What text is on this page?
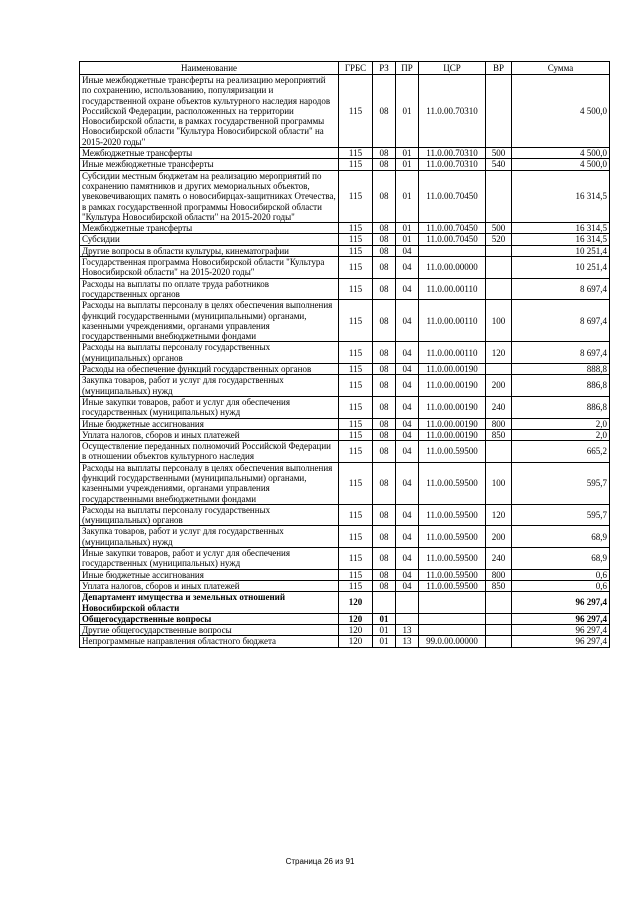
Наименование	ГРБС	РЗ	ПР	ЦСР	ВР	Сумма
Иные межбюджетные трансферты на реализацию мероприятий по сохранению, использованию, популяризации и государственной охране объектов культурного наследия народов Российской Федерации, расположенных на территории Новосибирской области, в рамках государственной программы Новосибирской области "Культура Новосибирской области" на 2015-2020 годы"	115	08	01	11.0.00.70310		4 500,0
Межбюджетные трансферты	115	08	01	11.0.00.70310	500	4 500,0
Иные межбюджетные трансферты	115	08	01	11.0.00.70310	540	4 500,0
Субсидии местным бюджетам на реализацию мероприятий по сохранению памятников и других мемориальных объектов, увековечивающих память о новосибирцах-защитниках Отечества, в рамках государственной программы Новосибирской области "Культура Новосибирской области" на 2015-2020 годы"	115	08	01	11.0.00.70450		16 314,5
Межбюджетные трансферты	115	08	01	11.0.00.70450	500	16 314,5
Субсидии	115	08	01	11.0.00.70450	520	16 314,5
Другие вопросы в области культуры, кинематографии	115	08	04			10 251,4
Государственная программа Новосибирской области "Культура Новосибирской области" на 2015-2020 годы"	115	08	04	11.0.00.00000		10 251,4
Расходы на выплаты по оплате труда работников государственных органов	115	08	04	11.0.00.00110		8 697,4
Расходы на выплаты персоналу в целях обеспечения выполнения функций государственными (муниципальными) органами, казенными учреждениями, органами управления государственными внебюджетными фондами	115	08	04	11.0.00.00110	100	8 697,4
Расходы на выплаты персоналу государственных (муниципальных) органов	115	08	04	11.0.00.00110	120	8 697,4
Расходы на обеспечение функций государственных органов	115	08	04	11.0.00.00190		888,8
Закупка товаров, работ и услуг для государственных (муниципальных) нужд	115	08	04	11.0.00.00190	200	886,8
Иные закупки товаров, работ и услуг для обеспечения государственных (муниципальных) нужд	115	08	04	11.0.00.00190	240	886,8
Иные бюджетные ассигнования	115	08	04	11.0.00.00190	800	2,0
Уплата налогов, сборов и иных платежей	115	08	04	11.0.00.00190	850	2,0
Осуществление переданных полномочий Российской Федерации в отношении объектов культурного наследия	115	08	04	11.0.00.59500		665,2
Расходы на выплаты персоналу в целях обеспечения выполнения функций государственными (муниципальными) органами, казенными учреждениями, органами управления государственными внебюджетными фондами	115	08	04	11.0.00.59500	100	595,7
Расходы на выплаты персоналу государственных (муниципальных) органов	115	08	04	11.0.00.59500	120	595,7
Закупка товаров, работ и услуг для государственных (муниципальных) нужд	115	08	04	11.0.00.59500	200	68,9
Иные закупки товаров, работ и услуг для обеспечения государственных (муниципальных) нужд	115	08	04	11.0.00.59500	240	68,9
Иные бюджетные ассигнования	115	08	04	11.0.00.59500	800	0,6
Уплата налогов, сборов и иных платежей	115	08	04	11.0.00.59500	850	0,6
Департамент имущества и земельных отношений Новосибирской области	120					96 297,4
Общегосударственные вопросы	120	01				96 297,4
Другие общегосударственные вопросы	120	01	13			96 297,4
Непрограммные направления областного бюджета	120	01	13	99.0.00.00000		96 297,4
Страница 26 из 91
